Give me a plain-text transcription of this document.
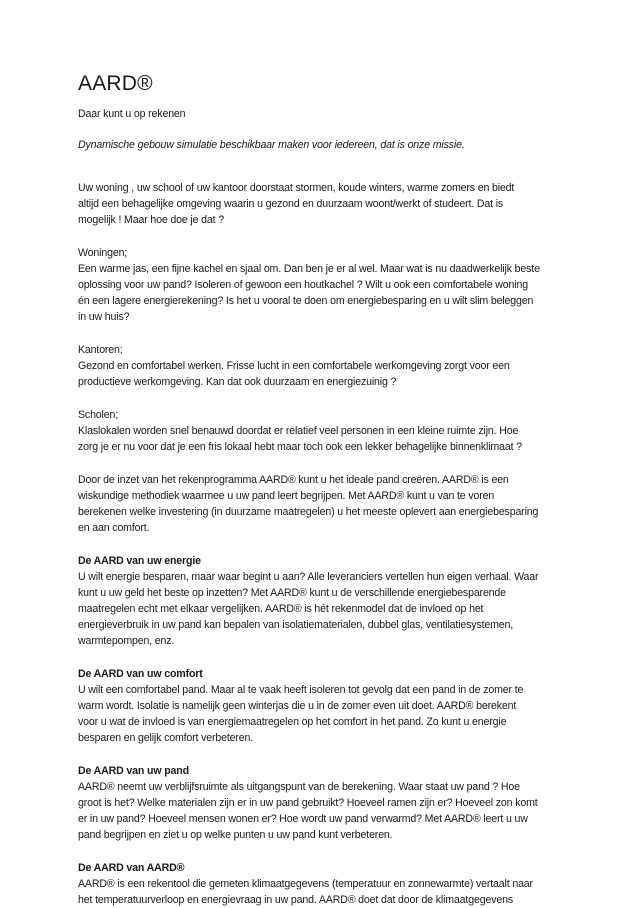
AARD®

Daar kunt u op rekenen

Dynamische gebouw simulatie beschikbaar maken voor iedereen, dat is onze missie.

Uw woning , uw school of uw kantoor doorstaat stormen, koude winters, warme zomers en biedt

altijd een behagelijke omgeving waarin u gezond en duurzaam woont/werkt of studeert. Dat is

mogelijk ! Maar hoe doe je dat ?

Woningen;

Een warme jas, een fijne kachel en sjaal om. Dan ben je er al wel. Maar wat is nu daadwerkelijk beste

oplossing voor uw pand? Isoleren of gewoon een houtkachel ? Wilt u ook een comfortabele woning

én een lagere energierekening? Is het u vooral te doen om energiebesparing en u wilt slim beleggen

in uw huis?

Kantoren;

Gezond en comfortabel werken. Frisse lucht in een comfortabele werkomgeving zorgt voor een

productieve werkomgeving. Kan dat ook duurzaam en energiezuinig ?

Scholen;

Klaslokalen worden snel benauwd doordat er relatief veel personen in een kleine ruimte zijn. Hoe

zorg je er nu voor dat je een fris lokaal hebt maar toch ook een lekker behagelijke binnenklimaat ?

Door de inzet van het rekenprogramma AARD® kunt u het ideale pand creëren. AARD® is een

wiskundige methodiek waarmee u uw pand leert begrijpen. Met AARD® kunt u van te voren

berekenen welke investering (in duurzame maatregelen) u het meeste oplevert aan energiebesparing

en aan comfort.

De AARD van uw energie

U wilt energie besparen, maar waar begint u aan? Alle leveranciers vertellen hun eigen verhaal. Waar

kunt u uw geld het beste op inzetten? Met AARD® kunt u de verschillende energiebesparende

maatregelen echt met elkaar vergelijken. AARD® is hét rekenmodel dat de invloed op het

energieverbruik in uw pand kan bepalen van isolatiematerialen, dubbel glas, ventilatiesystemen,

warmtepompen, enz.

De AARD van uw comfort

U wilt een comfortabel pand. Maar al te vaak heeft isoleren tot gevolg dat een pand in de zomer te

warm wordt. Isolatie is namelijk geen winterjas die u in de zomer even uit doet. AARD® berekent

voor u wat de invloed is van energiemaatregelen op het comfort in het pand. Zo kunt u energie

besparen en gelijk comfort verbeteren.

De AARD van uw pand

AARD® neemt uw verblijfsruimte als uitgangspunt van de berekening. Waar staat uw pand ? Hoe

groot is het? Welke materialen zijn er in uw pand gebruikt? Hoeveel ramen zijn er? Hoeveel zon komt

er in uw pand? Hoeveel mensen wonen er? Hoe wordt uw pand verwarmd? Met AARD® leert u uw

pand begrijpen en ziet u op welke punten u uw pand kunt verbeteren.

De AARD van AARD®

AARD® is een rekentool die gemeten klimaatgegevens (temperatuur en zonnewarmte) vertaalt naar

het temperatuurverloop en energievraag in uw pand. AARD® doet dat door de klimaatgegevens
